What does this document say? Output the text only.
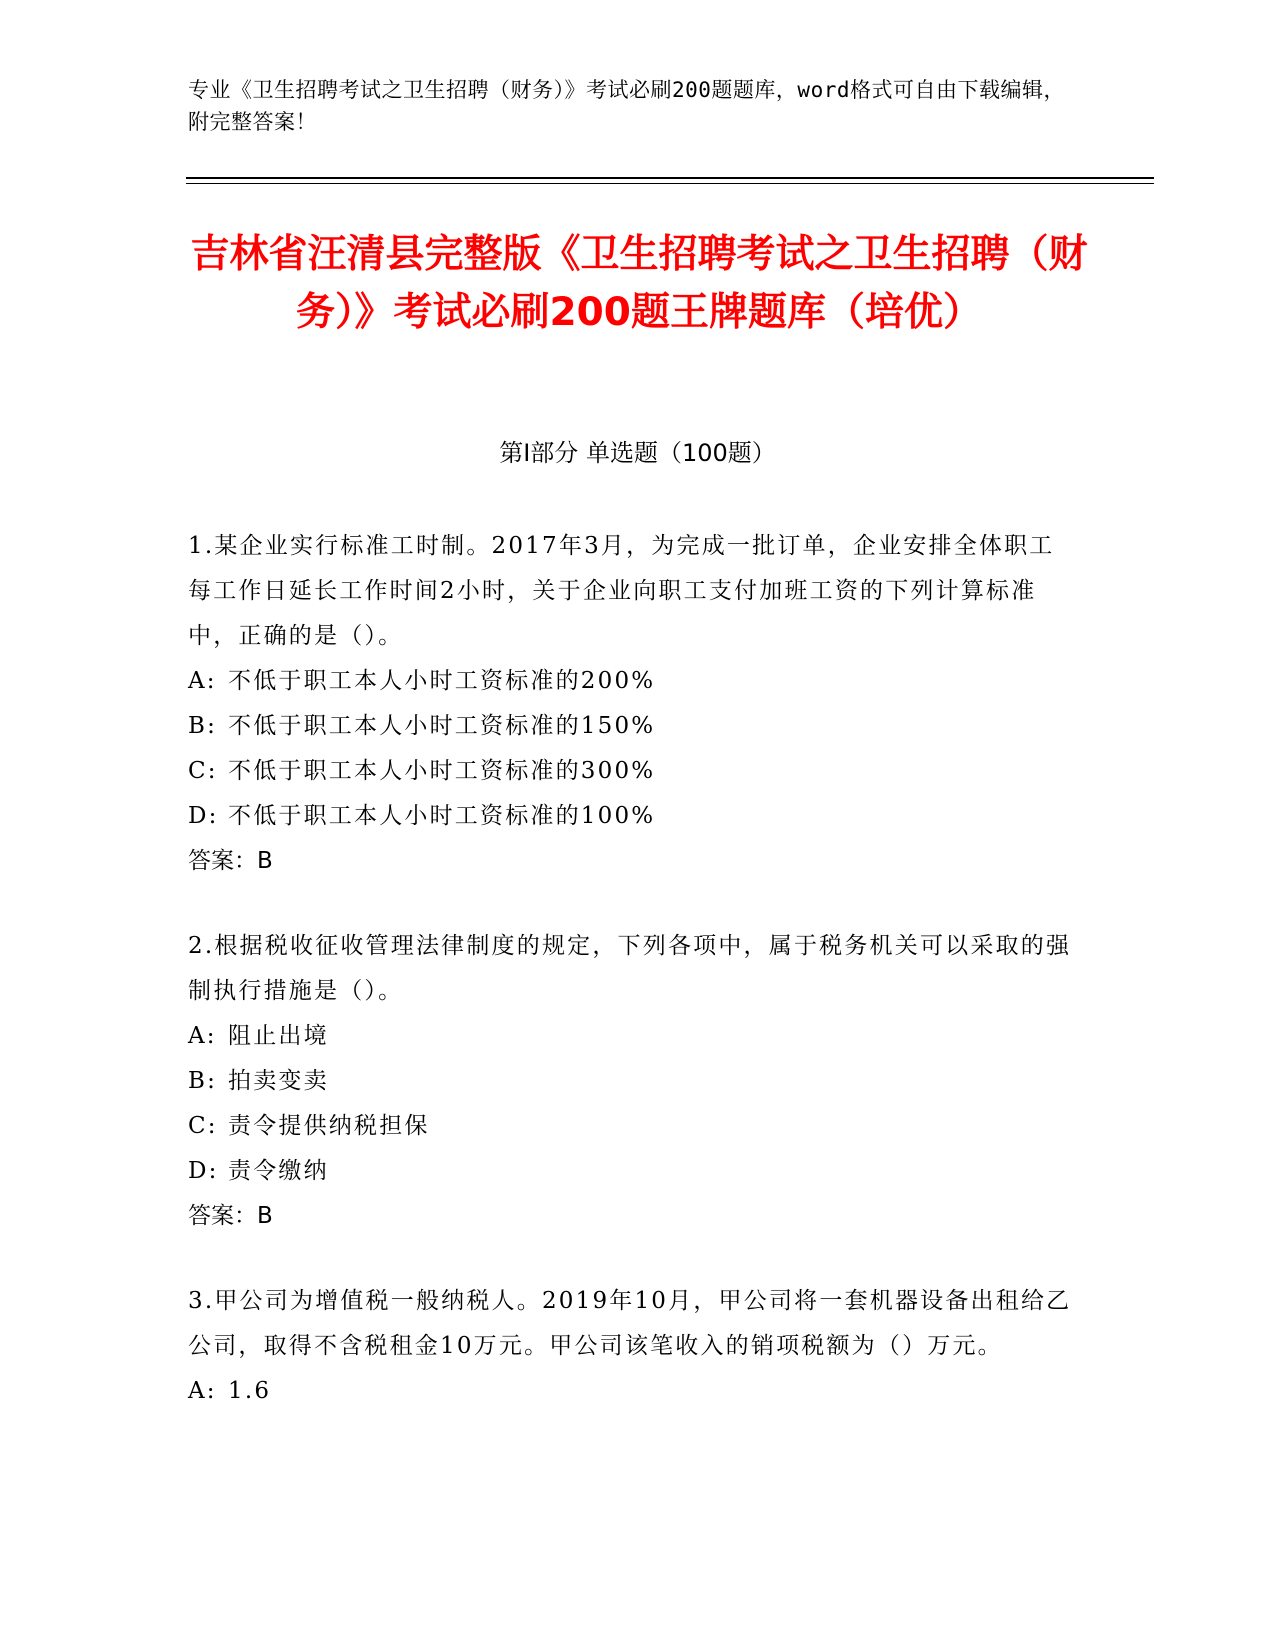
专业《卫生招聘考试之卫生招聘（财务）》考试必刷200题题库，word格式可自由下载编辑，附完整答案！
吉林省汪清县完整版《卫生招聘考试之卫生招聘（财务）》考试必刷200题王牌题库（培优）
第I部分 单选题（100题）

1.某企业实行标准工时制。2017年3月，为完成一批订单，企业安排全体职工每工作日延长工作时间2小时，关于企业向职工支付加班工资的下列计算标准中，正确的是（）。

A: 不低于职工本人小时工资标准的200%

B: 不低于职工本人小时工资标准的150%

C: 不低于职工本人小时工资标准的300%

D: 不低于职工本人小时工资标准的100%

答案：B

2.根据税收征收管理法律制度的规定，下列各项中，属于税务机关可以采取的强制执行措施是（）。

A: 阻止出境

B: 拍卖变卖

C: 责令提供纳税担保

D: 责令缴纳

答案：B

3.甲公司为增值税一般纳税人。2019年10月，甲公司将一套机器设备出租给乙公司，取得不含税租金10万元。甲公司该笔收入的销项税额为（）万元。

A: 1.6
